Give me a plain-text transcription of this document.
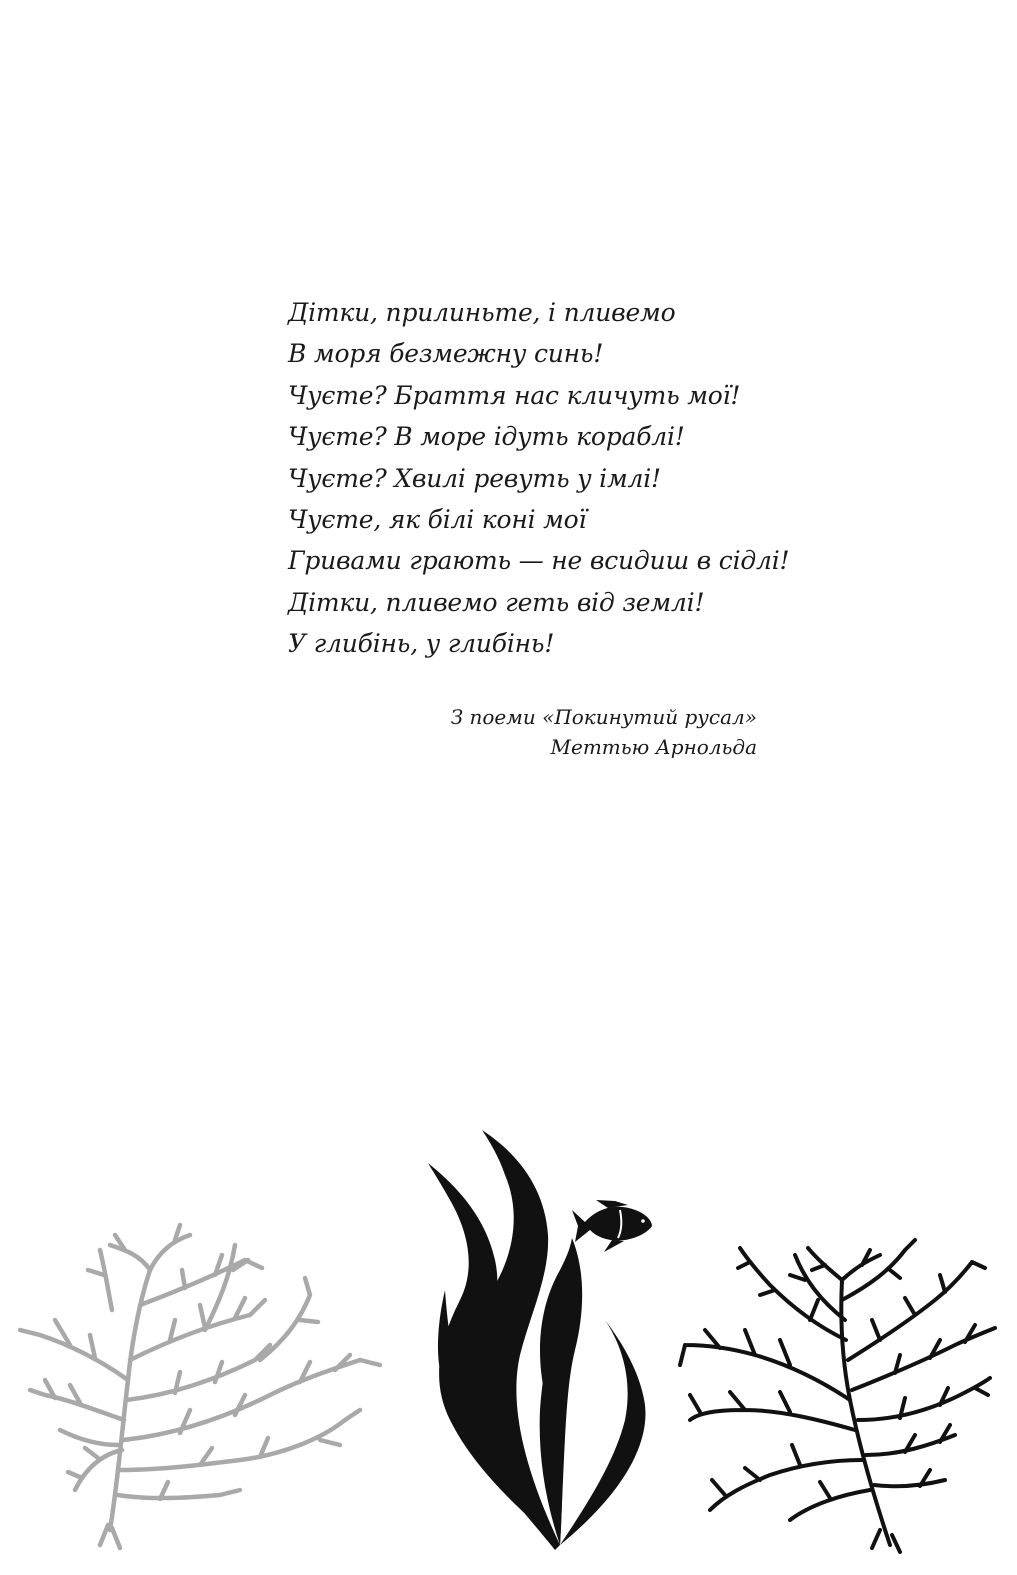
Дітки, прилиньте, і пливемо
В моря безмежну синь!
Чуєте? Браття нас кличуть мої!
Чуєте? В море ідуть кораблі!
Чуєте? Хвилі ревуть у імлі!
Чуєте, як білі коні мої
Гривами грають — не всидиш в сідлі!
Дітки, пливемо геть від землі!
У глибінь, у глибінь!
З поеми «Покинутий русал»
Меттью Арнольда
